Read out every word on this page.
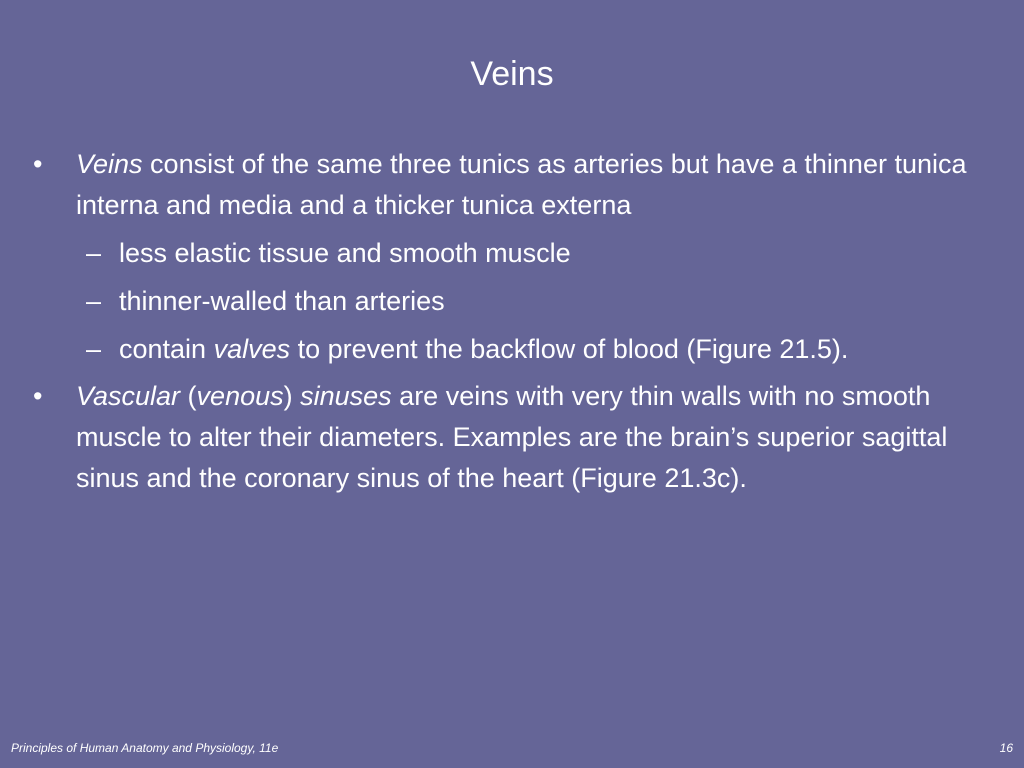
Veins
• Veins consist of the same three tunics as arteries but have a thinner tunica interna and media and a thicker tunica externa
– less elastic tissue and smooth muscle
– thinner-walled than arteries
– contain valves to prevent the backflow of blood (Figure 21.5).
• Vascular (venous) sinuses are veins with very thin walls with no smooth muscle to alter their diameters. Examples are the brain’s superior sagittal sinus and the coronary sinus of the heart (Figure 21.3c).
Principles of Human Anatomy and Physiology, 11e	16
